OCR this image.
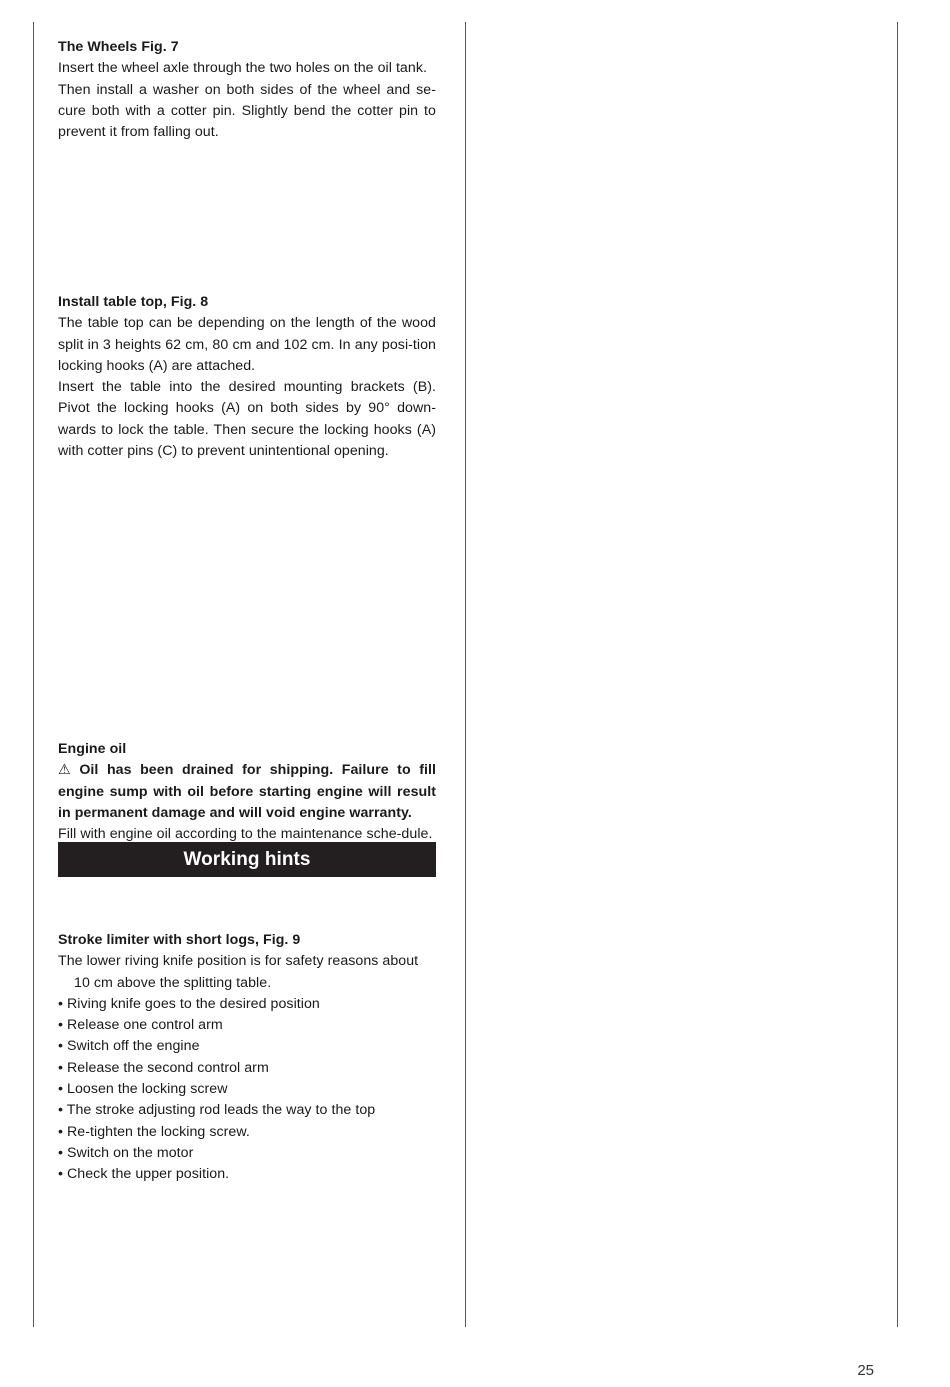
The Wheels Fig. 7
Insert the wheel axle through the two holes on the oil tank.
Then install a washer on both sides of the wheel and se-cure both with a cotter pin. Slightly bend the cotter pin to prevent it from falling out.
Install table top, Fig. 8
The table top can be depending on the length of the wood split in 3 heights 62 cm, 80 cm and 102 cm. In any posi-tion locking hooks (A) are attached.
Insert the table into the desired mounting brackets (B). Pivot the locking hooks (A) on both sides by 90° down-wards to lock the table. Then secure the locking hooks (A) with cotter pins (C) to prevent unintentional opening.
Engine oil
⚠ Oil has been drained for shipping. Failure to fill engine sump with oil before starting engine will result in permanent damage and will void engine warranty.
Fill with engine oil according to the maintenance sche-dule.
Working hints
Stroke limiter with short logs, Fig. 9
The lower riving knife position is for safety reasons about
10 cm above the splitting table.
• Riving knife goes to the desired position
• Release one control arm
• Switch off the engine
• Release the second control arm
• Loosen the locking screw
• The stroke adjusting rod leads the way to the top
• Re-tighten the locking screw.
• Switch on the motor
• Check the upper position.
25
